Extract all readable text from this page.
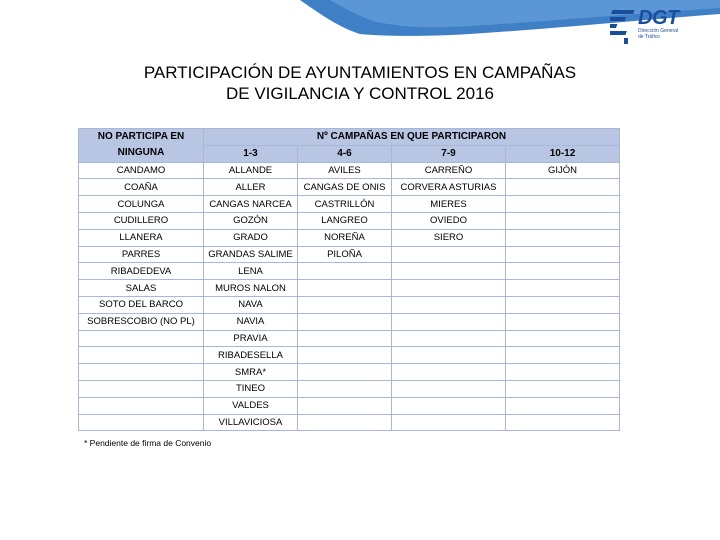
DGT
Dirección General
de Tráfico
PARTICIPACIÓN DE AYUNTAMIENTOS EN CAMPAÑAS
DE VIGILANCIA Y CONTROL 2016
NO PARTICIPA EN
NINGUNA	Nº CAMPAÑAS EN QUE PARTICIPARON			
	1-3	4-6	7-9	10-12
CANDAMO	ALLANDE	AVILES	CARREÑO	GIJÓN
COAÑA	ALLER	CANGAS DE ONIS	CORVERA ASTURIAS	
COLUNGA	CANGAS NARCEA	CASTRILLÓN	MIERES	
CUDILLERO	GOZÓN	LANGREO	OVIEDO	
LLANERA	GRADO	NOREÑA	SIERO	
PARRES	GRANDAS SALIME	PILOÑA		
RIBADEDEVA	LENA			
SALAS	MUROS NALON			
SOTO DEL BARCO	NAVA			
SOBRESCOBIO (NO PL)	NAVIA			
	PRAVIA			
	RIBADESELLA			
	SMRA*			
	TINEO			
	VALDES			
	VILLAVICIOSA			
* Pendiente de firma de Convenio
